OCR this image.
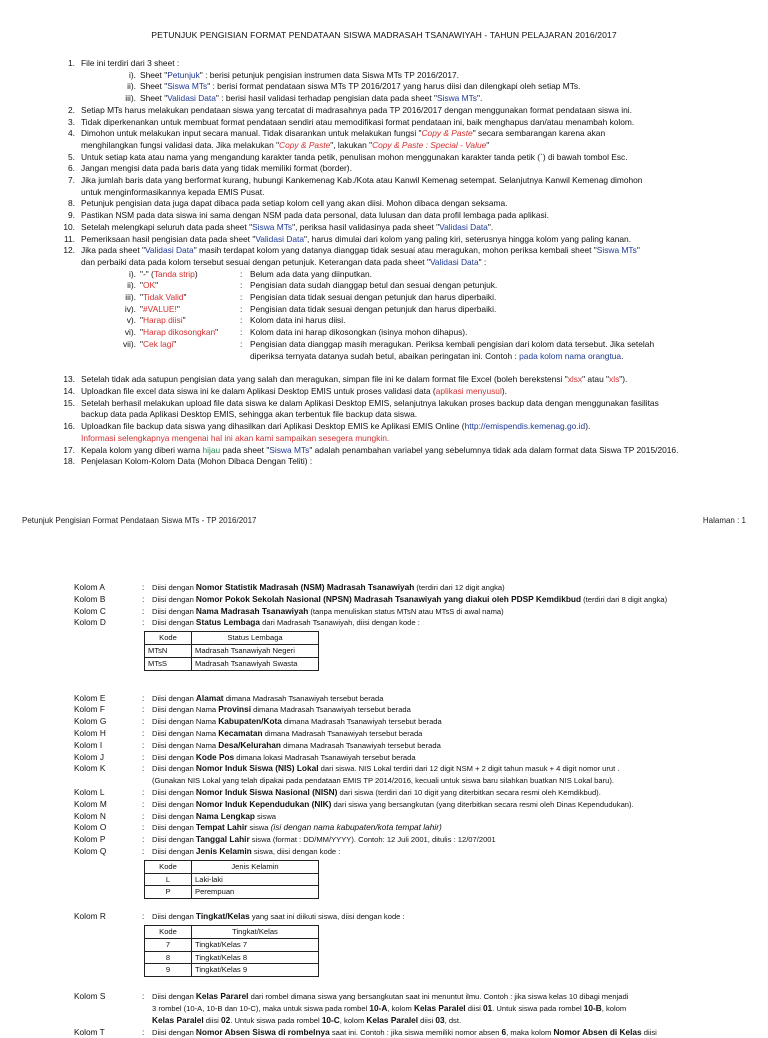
PETUNJUK PENGISIAN FORMAT PENDATAAN SISWA MADRASAH TSANAWIYAH - TAHUN PELAJARAN 2016/2017
1. File ini terdiri dari 3 sheet :
i). Sheet "Petunjuk" : berisi petunjuk pengisian instrumen data Siswa MTs TP 2016/2017.
ii). Sheet "Siswa MTs" : berisi format pendataan siswa MTs TP 2016/2017 yang harus diisi dan dilengkapi oleh setiap MTs.
iii). Sheet "Validasi Data" : berisi hasil validasi terhadap pengisian data pada sheet "Siswa MTs".
2. Setiap MTs harus melakukan pendataan siswa yang tercatat di madrasahnya pada TP 2016/2017 dengan menggunakan format pendataan siswa ini.
3. Tidak diperkenankan untuk membuat format pendataan sendiri atau memodifikasi format pendataan ini, baik menghapus dan/atau menambah kolom.
4. Dimohon untuk melakukan input secara manual. Tidak disarankan untuk melakukan fungsi "Copy & Paste" secara sembarangan karena akan
menghilangkan fungsi validasi data. Jika melakukan "Copy & Paste", lakukan "Copy & Paste : Special - Value"
5. Untuk setiap kata atau nama yang mengandung karakter tanda petik, penulisan mohon menggunakan karakter tanda petik (`) di bawah tombol Esc.
6. Jangan mengisi data pada baris data yang tidak memiliki format (border).
7. Jika jumlah baris data yang berformat kurang, hubungi Kankemenag Kab./Kota atau Kanwil Kemenag setempat. Selanjutnya Kanwil Kemenag dimohon
untuk menginformasikannya kepada EMIS Pusat.
8. Petunjuk pengisian data juga dapat dibaca pada setiap kolom cell yang akan diisi. Mohon dibaca dengan seksama.
9. Pastikan NSM pada data siswa ini sama dengan NSM pada data personal, data lulusan dan data profil lembaga pada aplikasi.
10. Setelah melengkapi seluruh data pada sheet "Siswa MTs", periksa hasil validasinya pada sheet "Validasi Data".
11. Pemeriksaan hasil pengisian data pada sheet "Validasi Data", harus dimulai dari kolom yang paling kiri, seterusnya hingga kolom yang paling kanan.
12. Jika pada sheet "Validasi Data" masih terdapat kolom yang datanya dianggap tidak sesuai atau meragukan, mohon periksa kembali sheet "Siswa MTs"
dan perbaiki data pada kolom tersebut sesuai dengan petunjuk. Keterangan data pada sheet "Validasi Data" :
i). "-" (Tanda strip)	: Belum ada data yang diinputkan.
ii). "OK"	: Pengisian data sudah dianggap betul dan sesuai dengan petunjuk.
iii). "Tidak Valid"	: Pengisian data tidak sesuai dengan petunjuk dan harus diperbaiki.
iv). "#VALUE!"	: Pengisian data tidak sesuai dengan petunjuk dan harus diperbaiki.
v). "Harap diisi"	: Kolom data ini harus diisi.
vi). "Harap dikosongkan"	: Kolom data ini harap dikosongkan (isinya mohon dihapus).
vii). "Cek lagi"	: Pengisian data dianggap masih meragukan. Periksa kembali pengisian dari kolom data tersebut. Jika setelah
diperiksa ternyata datanya sudah betul, abaikan peringatan ini. Contoh : pada kolom nama orangtua.
13. Setelah tidak ada satupun pengisian data yang salah dan meragukan, simpan file ini ke dalam format file Excel (boleh berekstensi "xlsx" atau "xls").
14. Uploadkan file excel data siswa ini ke dalam Aplikasi Desktop EMIS untuk proses validasi data (aplikasi menyusul).
15. Setelah berhasil melakukan upload file data siswa ke dalam Aplikasi Desktop EMIS, selanjutnya lakukan proses backup data dengan menggunakan fasilitas
backup data pada Aplikasi Desktop EMIS, sehingga akan terbentuk file backup data siswa.
16. Uploadkan file backup data siswa yang dihasilkan dari Aplikasi Desktop EMIS ke Aplikasi EMIS Online (http://emispendis.kemenag.go.id).
Informasi selengkapnya mengenai hal ini akan kami sampaikan sesegera mungkin.
17. Kepala kolom yang diberi warna hijau pada sheet "Siswa MTs" adalah penambahan variabel yang sebelumnya tidak ada dalam format data Siswa TP 2015/2016.
18. Penjelasan Kolom-Kolom Data (Mohon Dibaca Dengan Teliti) :
Petunjuk Pengisian Format Pendataan Siswa MTs - TP 2016/2017	Halaman : 1
Kolom A	:	Diisi dengan Nomor Statistik Madrasah (NSM) Madrasah Tsanawiyah (terdiri dari 12 digit angka)
Kolom B	:	Diisi dengan Nomor Pokok Sekolah Nasional (NPSN) Madrasah Tsanawiyah yang diakui oleh PDSP Kemdikbud (terdiri dari 8 digit angka)
Kolom C	:	Diisi dengan Nama Madrasah Tsanawiyah (tanpa menuliskan status MTsN atau MTsS di awal nama)
Kolom D	:	Diisi dengan Status Lembaga dari Madrasah Tsanawiyah, diisi dengan kode :
Kode	Status Lembaga
MTsN	Madrasah Tsanawiyah Negeri
MTsS	Madrasah Tsanawiyah Swasta
Kolom E	:	Diisi dengan Alamat dimana Madrasah Tsanawiyah tersebut berada
Kolom F	:	Diisi dengan Nama Provinsi dimana Madrasah Tsanawiyah tersebut berada
Kolom G	:	Diisi dengan Nama Kabupaten/Kota dimana Madrasah Tsanawiyah tersebut berada
Kolom H	:	Diisi dengan Nama Kecamatan dimana Madrasah Tsanawiyah tersebut berada
Kolom I	:	Diisi dengan Nama Desa/Kelurahan dimana Madrasah Tsanawiyah tersebut berada
Kolom J	:	Diisi dengan Kode Pos dimana lokasi Madrasah Tsanawiyah tersebut berada
Kolom K	:	Diisi dengan Nomor Induk Siswa (NIS) Lokal dari siswa. NIS Lokal terdiri dari 12 digit NSM + 2 digit tahun masuk + 4 digit nomor urut .
(Gunakan NIS Lokal yang telah dipakai pada pendataan EMIS TP 2014/2016, kecuali untuk siswa baru silahkan buatkan NIS Lokal baru).
Kolom L	:	Diisi dengan Nomor Induk Siswa Nasional (NISN) dari siswa (terdiri dari 10 digit yang diterbitkan secara resmi oleh Kemdikbud).
Kolom M	:	Diisi dengan Nomor Induk Kependudukan (NIK) dari siswa yang bersangkutan (yang diterbitkan secara resmi oleh Dinas Kependudukan).
Kolom N	:	Diisi dengan Nama Lengkap siswa
Kolom O	:	Diisi dengan Tempat Lahir siswa (isi dengan nama kabupaten/kota tempat lahir)
Kolom P	:	Diisi dengan Tanggal Lahir siswa (format : DD/MM/YYYY). Contoh: 12 Juli 2001, ditulis : 12/07/2001
Kolom Q	:	Diisi dengan Jenis Kelamin siswa, diisi dengan kode :
Kode	Jenis Kelamin
L	Laki-laki
P	Perempuan
Kolom R	:	Diisi dengan Tingkat/Kelas yang saat ini diikuti siswa, diisi dengan kode :
Kode	Tingkat/Kelas
7	Tingkat/Kelas 7
8	Tingkat/Kelas 8
9	Tingkat/Kelas 9
Kolom S	:	Diisi dengan Kelas Pararel dari rombel dimana siswa yang bersangkutan saat ini menuntut ilmu. Contoh : jika siswa kelas 10 dibagi menjadi
3 rombel (10-A, 10-B dan 10-C), maka untuk siswa pada rombel 10-A, kolom Kelas Paralel diisi 01. Untuk siswa pada rombel 10-B, kolom
Kelas Paralel diisi 02. Untuk siswa pada rombel 10-C, kolom Kelas Paralel diisi 03, dst.
Kolom T	:	Diisi dengan Nomor Absen Siswa di rombelnya saat ini. Contoh : jika siswa memiliki nomor absen 6, maka kolom Nomor Absen di Kelas diisi
